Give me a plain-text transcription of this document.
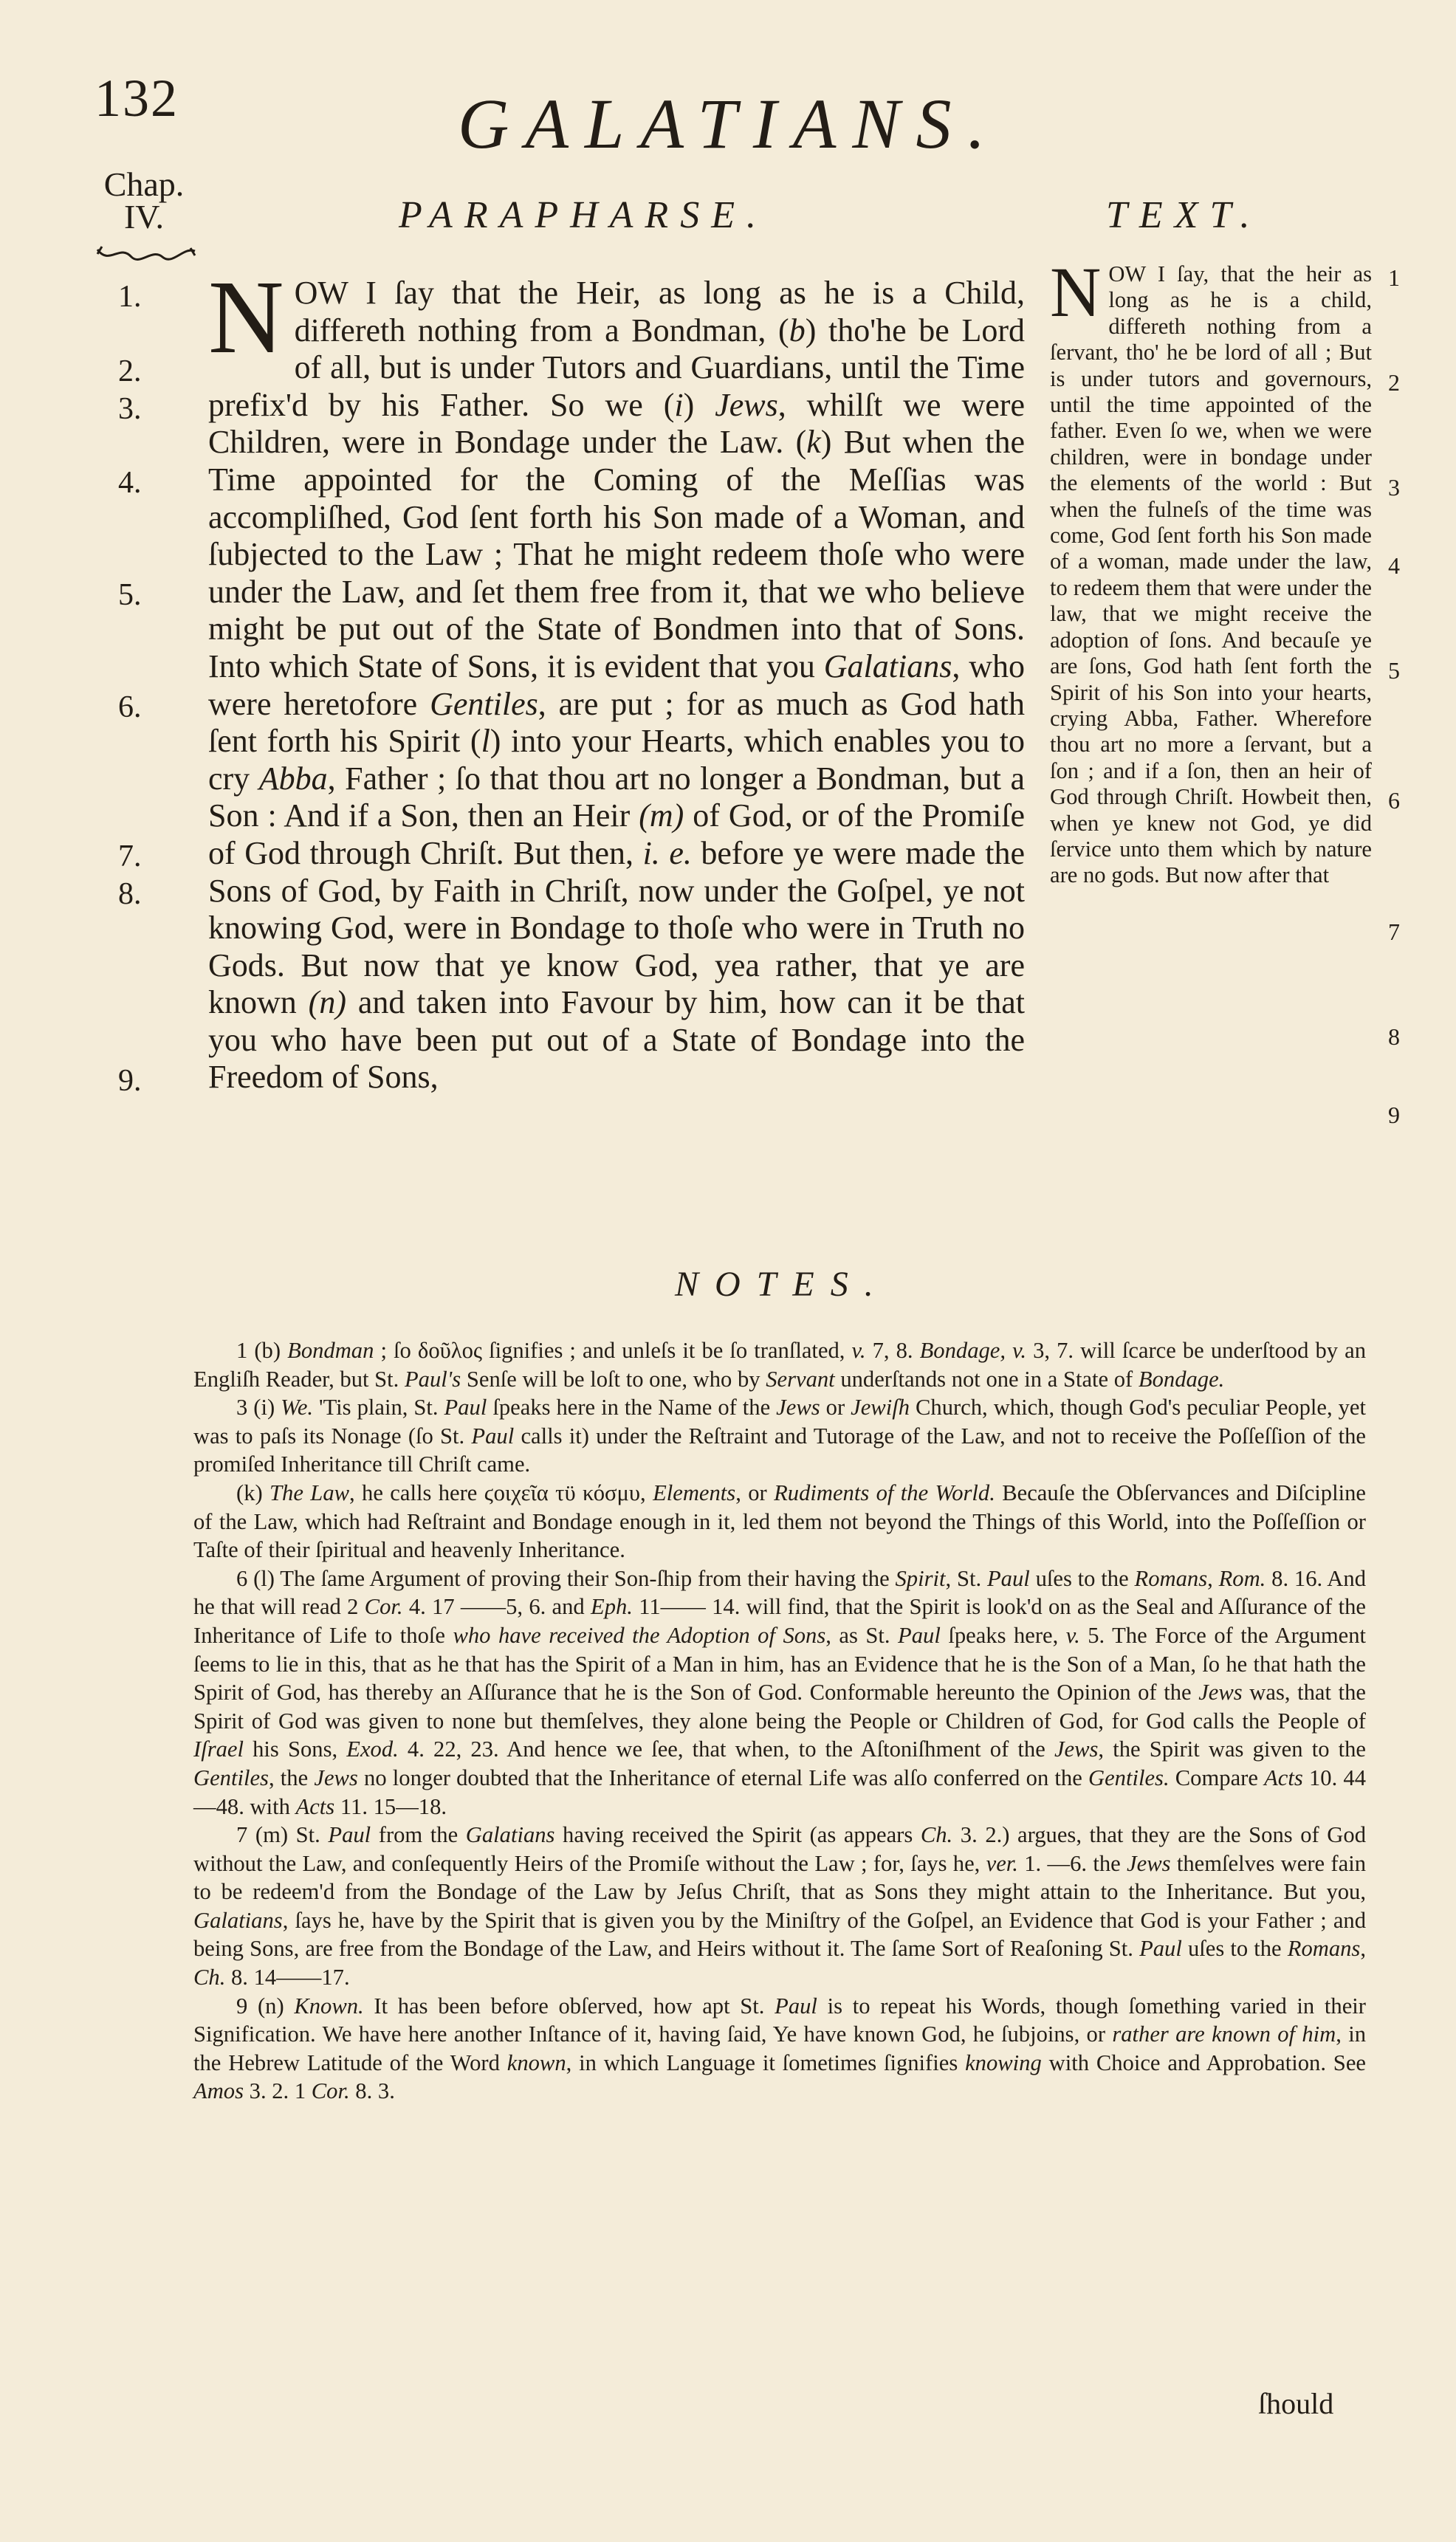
132	GALATIANS.
Chap.
IV.	PARAPHARSE.	TEXT.
1.
2.
3.
4.
5.
6.
7.
8.
9.
N OW I ſay that the Heir, as long as he is a Child, differeth nothing from a Bondman, (b) tho'he be Lord of all, but is under Tutors and Guardians, until the Time prefix'd by his Father. So we (i) Jews, whilſt we were Children, were in Bondage under the Law. (k) But when the Time appointed for the Coming of the Meſſias was accompliſhed, God ſent forth his Son made of a Woman, and ſubjected to the Law ; That he might redeem thoſe who were under the Law, and ſet them free from it, that we who believe might be put out of the State of Bondmen into that of Sons. Into which State of Sons, it is evident that you Galatians, who were heretofore Gentiles, are put ; for as much as God hath ſent forth his Spirit (l) into your Hearts, which enables you to cry Abba, Father ; ſo that thou art no longer a Bondman, but a Son : And if a Son, then an Heir (m) of God, or of the Promiſe of God through Chriſt. But then, i. e. before ye were made the Sons of God, by Faith in Chriſt, now under the Goſpel, ye not knowing God, were in Bondage to thoſe who were in Truth no Gods. But now that ye know God, yea rather, that ye are known (n) and taken into Favour by him, how can it be that you who have been put out of a State of Bondage into the Freedom of Sons,
N OW I ſay, that the heir as long as he is a child, differeth nothing from a ſervant, tho' he be lord of all ; But is under tutors and governours, until the time appointed of the father. Even ſo we, when we were children, were in bondage under the elements of the world : But when the fulneſs of the time was come, God ſent forth his Son made of a woman, made under the law, to redeem them that were under the law, that we might receive the adoption of ſons. And becauſe ye are ſons, God hath ſent forth the Spirit of his Son into your hearts, crying Abba, Father. Wherefore thou art no more a ſervant, but a ſon ; and if a ſon, then an heir of God through Chriſt. Howbeit then, when ye knew not God, ye did ſervice unto them which by nature are no gods. But now after that
1
2
3
4
5
6
7
8
9
NOTES.

1 (b) Bondman ; ſo δοῦλος ſignifies ; and unleſs it be ſo tranſlated, v. 7, 8. Bondage, v. 3, 7. will ſcarce be underſtood by an Engliſh Reader, but St. Paul's Senſe will be loſt to one, who by Servant underſtands not one in a State of Bondage.

3 (i) We. 'Tis plain, St. Paul ſpeaks here in the Name of the Jews or Jewiſh Church, which, though God's peculiar People, yet was to paſs its Nonage (ſo St. Paul calls it) under the Reſtraint and Tutorage of the Law, and not to receive the Poſſeſſion of the promiſed Inheritance till Chriſt came.

(k) The Law, he calls here ϛοιχεῖα τϋ κόσμυ, Elements, or Rudiments of the World. Becauſe the Obſervances and Diſciplіne of the Law, which had Reſtraint and Bondage enough in it, led them not beyond the Things of this World, into the Poſſeſſion or Taſte of their ſpiritual and heavenly Inheritance.

6 (l) The ſame Argument of proving their Son-ſhip from their having the Spirit, St. Paul uſes to the Romans, Rom. 8. 16. And he that will read 2 Cor. 4. 17 ——5, 6. and Eph. 11—— 14. will find, that the Spirit is look'd on as the Seal and Aſſurance of the Inheritance of Life to thoſe who have received the Adoption of Sons, as St. Paul ſpeaks here, v. 5. The Force of the Argument ſeems to lie in this, that as he that has the Spirit of a Man in him, has an Evidence that he is the Son of a Man, ſo he that hath the Spirit of God, has thereby an Aſſurance that he is the Son of God. Conformable hereunto the Opinion of the Jews was, that the Spirit of God was given to none but themſelves, they alone being the People or Children of God, for God calls the People of Iſrael his Sons, Exod. 4. 22, 23. And hence we ſee, that when, to the Aſtoniſhment of the Jews, the Spirit was given to the Gentiles, the Jews no longer doubted that the Inheritance of eternal Life was alſo conferred on the Gentiles. Compare Acts 10. 44—48. with Acts 11. 15—18.

7 (m) St. Paul from the Galatians having received the Spirit (as appears Ch. 3. 2.) argues, that they are the Sons of God without the Law, and conſequently Heirs of the Promiſe without the Law ; for, ſays he, ver. 1. —6. the Jews themſelves were fain to be redeem'd from the Bondage of the Law by Jeſus Chriſt, that as Sons they might attain to the Inheritance. But you, Galatians, ſays he, have by the Spirit that is given you by the Miniſtry of the Goſpel, an Evidence that God is your Father ; and being Sons, are free from the Bondage of the Law, and Heirs without it. The ſame Sort of Reaſoning St. Paul uſes to the Romans, Ch. 8. 14——17.

9 (n) Known. It has been before obſerved, how apt St. Paul is to repeat his Words, though ſomething varied in their Signification. We have here another Inſtance of it, having ſaid, Ye have known God, he ſubjoins, or rather are known of him, in the Hebrew Latitude of the Word known, in which Language it ſometimes ſignifies knowing with Choice and Approbation. See Amos 3. 2. 1 Cor. 8. 3.

ſhould
